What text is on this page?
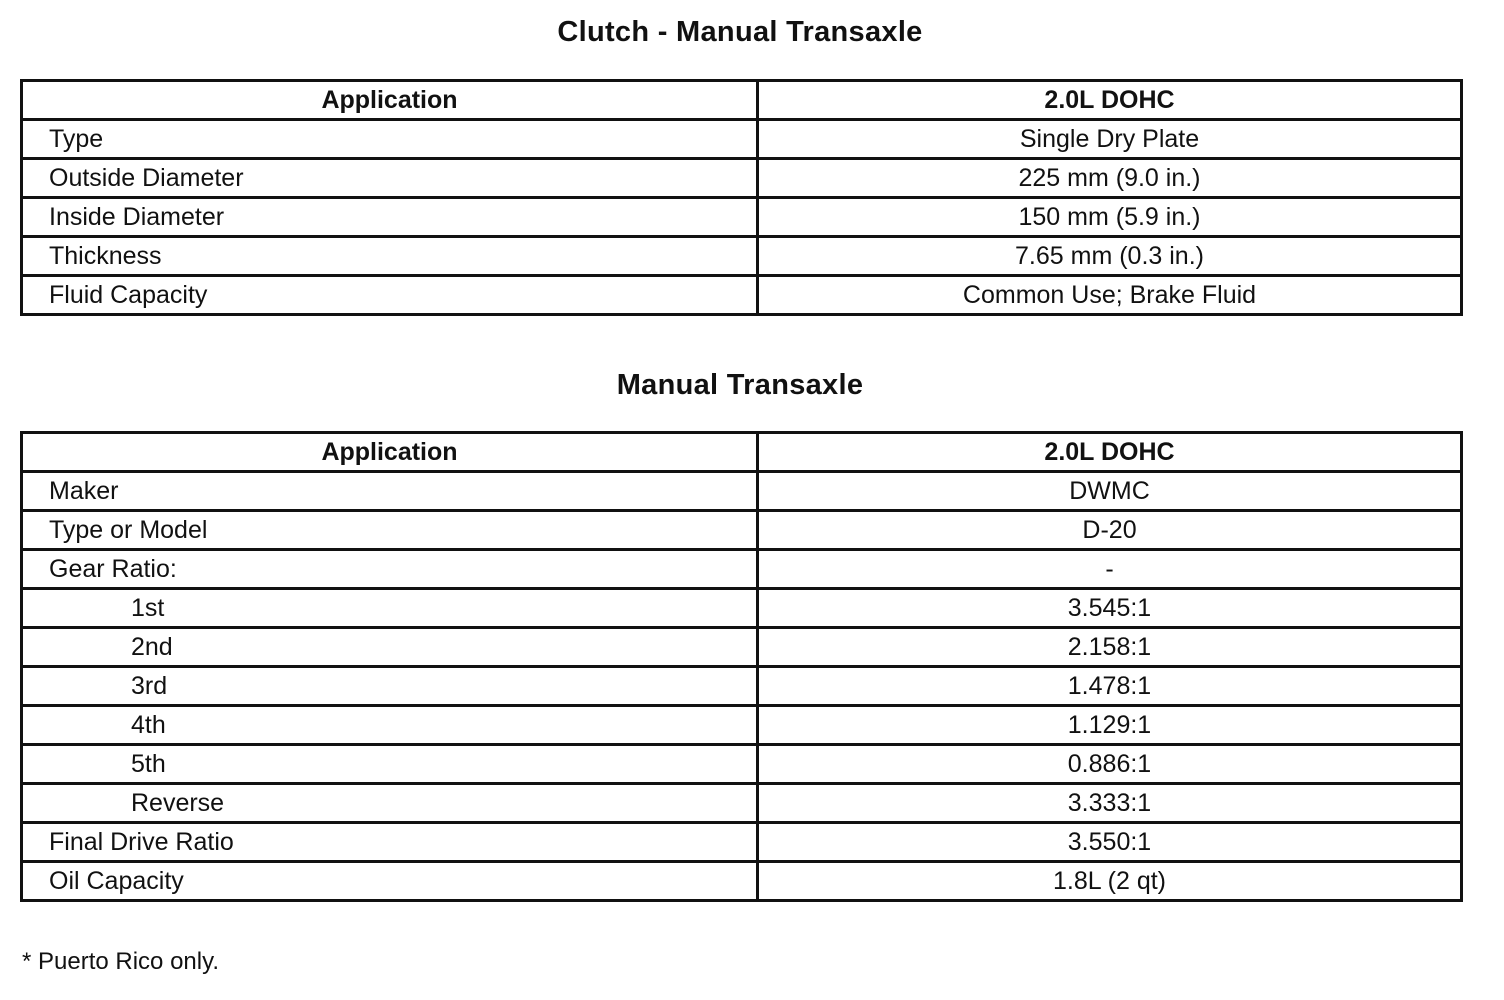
Clutch - Manual Transaxle
Application	2.0L DOHC
Type	Single Dry Plate
Outside Diameter	225 mm (9.0 in.)
Inside Diameter	150 mm (5.9 in.)
Thickness	7.65 mm (0.3 in.)
Fluid Capacity	Common Use; Brake Fluid
Manual Transaxle
Application	2.0L DOHC
Maker	DWMC
Type or Model	D-20
Gear Ratio:	-
1st	3.545:1
2nd	2.158:1
3rd	1.478:1
4th	1.129:1
5th	0.886:1
Reverse	3.333:1
Final Drive Ratio	3.550:1
Oil Capacity	1.8L (2 qt)
* Puerto Rico only.
